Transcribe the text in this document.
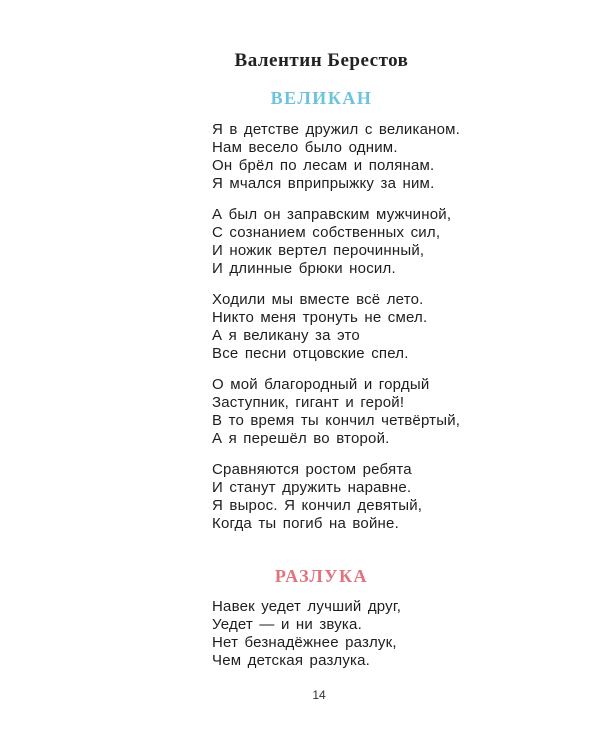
Валентин Берестов
ВЕЛИКАН
Я в детстве дружил с великаном.
Нам весело было одним.
Он брёл по лесам и полянам.
Я мчался вприпрыжку за ним.
А был он заправским мужчиной,
С сознанием собственных сил,
И ножик вертел перочинный,
И длинные брюки носил.
Ходили мы вместе всё лето.
Никто меня тронуть не смел.
А я великану за это
Все песни отцовские спел.
О мой благородный и гордый
Заступник, гигант и герой!
В то время ты кончил четвёртый,
А я перешёл во второй.
Сравняются ростом ребята
И станут дружить наравне.
Я вырос. Я кончил девятый,
Когда ты погиб на войне.
РАЗЛУКА
Навек уедет лучший друг,
Уедет — и ни звука.
Нет безнадёжнее разлук,
Чем детская разлука.
14
